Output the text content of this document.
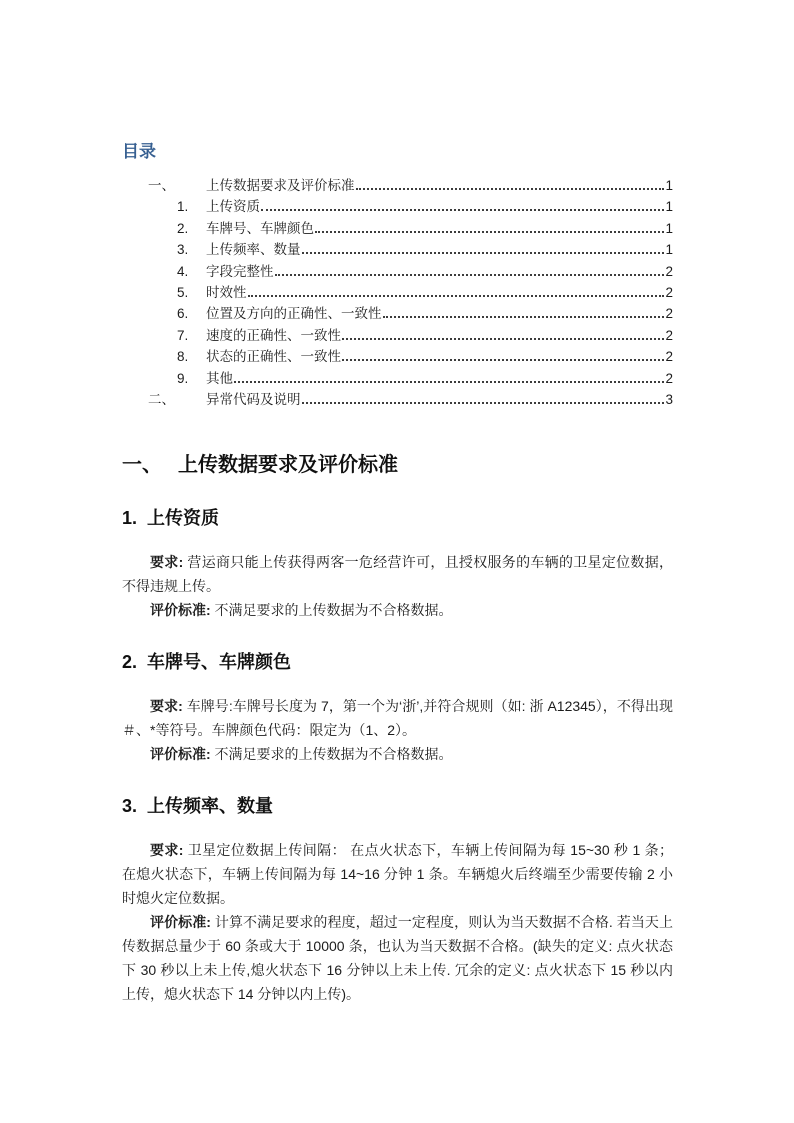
目录
一、	上传数据要求及评价标准	1
1.	上传资质	1
2.	车牌号、车牌颜色	1
3.	上传频率、数量	1
4.	字段完整性	2
5.	时效性	2
6.	位置及方向的正确性、一致性	2
7.	速度的正确性、一致性	2
8.	状态的正确性、一致性	2
9.	其他	2
二、	异常代码及说明	3
一、 上传数据要求及评价标准
1. 上传资质

要求: 营运商只能上传获得两客一危经营许可，且授权服务的车辆的卫星定位数据，不得违规上传。

评价标准: 不满足要求的上传数据为不合格数据。

2. 车牌号、车牌颜色

要求: 车牌号:车牌号长度为 7，第一个为‘浙’,并符合规则（如: 浙 A12345），不得出现＃、*等符号。车牌颜色代码：限定为（1、2）。

评价标准: 不满足要求的上传数据为不合格数据。

3. 上传频率、数量

要求: 卫星定位数据上传间隔： 在点火状态下，车辆上传间隔为每 15~30 秒 1 条；在熄火状态下，车辆上传间隔为每 14~16 分钟 1 条。车辆熄火后终端至少需要传输 2 小时熄火定位数据。

评价标准: 计算不满足要求的程度，超过一定程度，则认为当天数据不合格. 若当天上传数据总量少于 60 条或大于 10000 条，也认为当天数据不合格。(缺失的定义: 点火状态下 30 秒以上未上传,熄火状态下 16 分钟以上未上传. 冗余的定义: 点火状态下 15 秒以内上传，熄火状态下 14 分钟以内上传)。
